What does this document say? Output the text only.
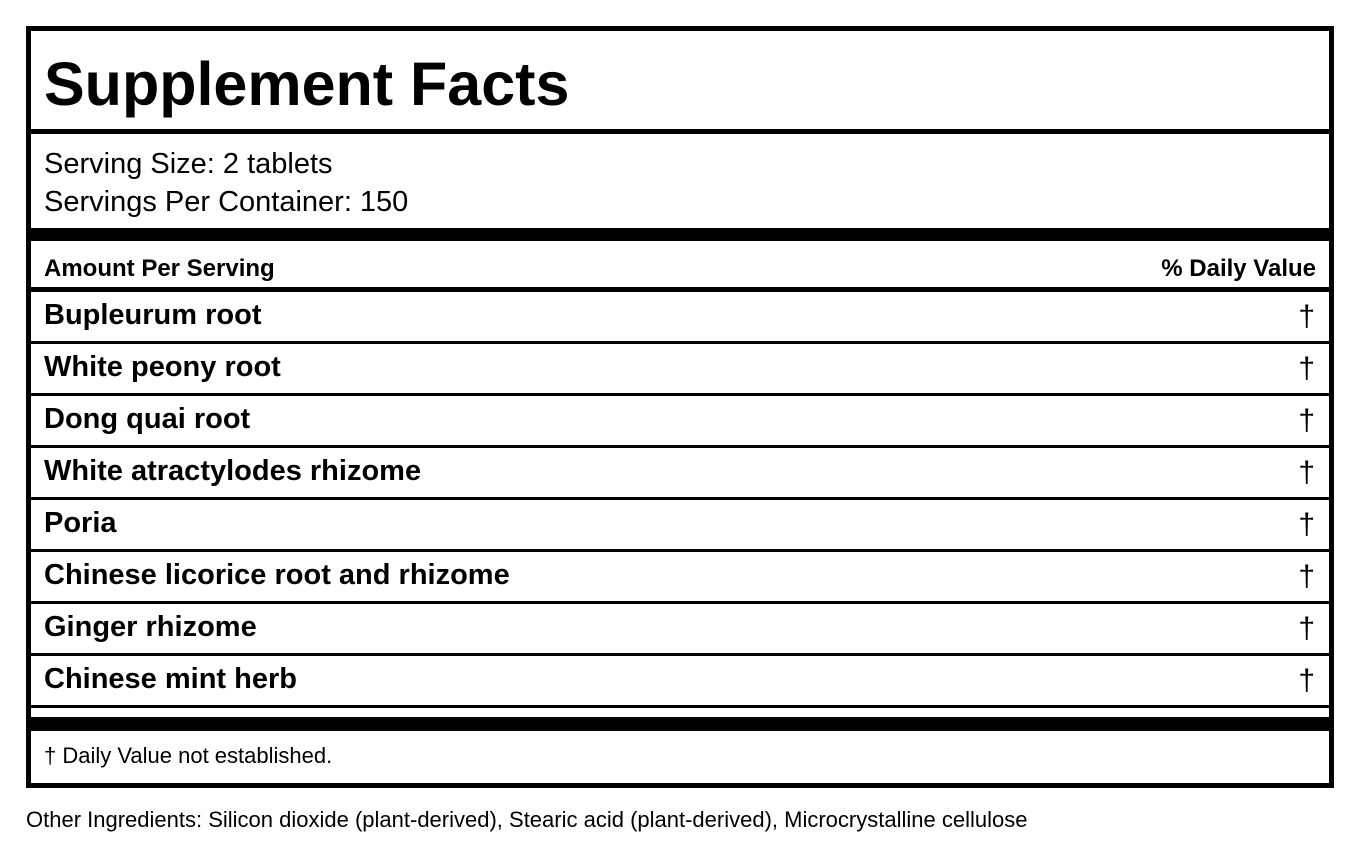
Supplement Facts
Serving Size: 2 tablets
Servings Per Container: 150
Amount Per Serving	% Daily Value
Bupleurum root	†
White peony root	†
Dong quai root	†
White atractylodes rhizome	†
Poria	†
Chinese licorice root and rhizome	†
Ginger rhizome	†
Chinese mint herb	†
† Daily Value not established.
Other Ingredients: Silicon dioxide (plant-derived), Stearic acid (plant-derived), Microcrystalline cellulose
